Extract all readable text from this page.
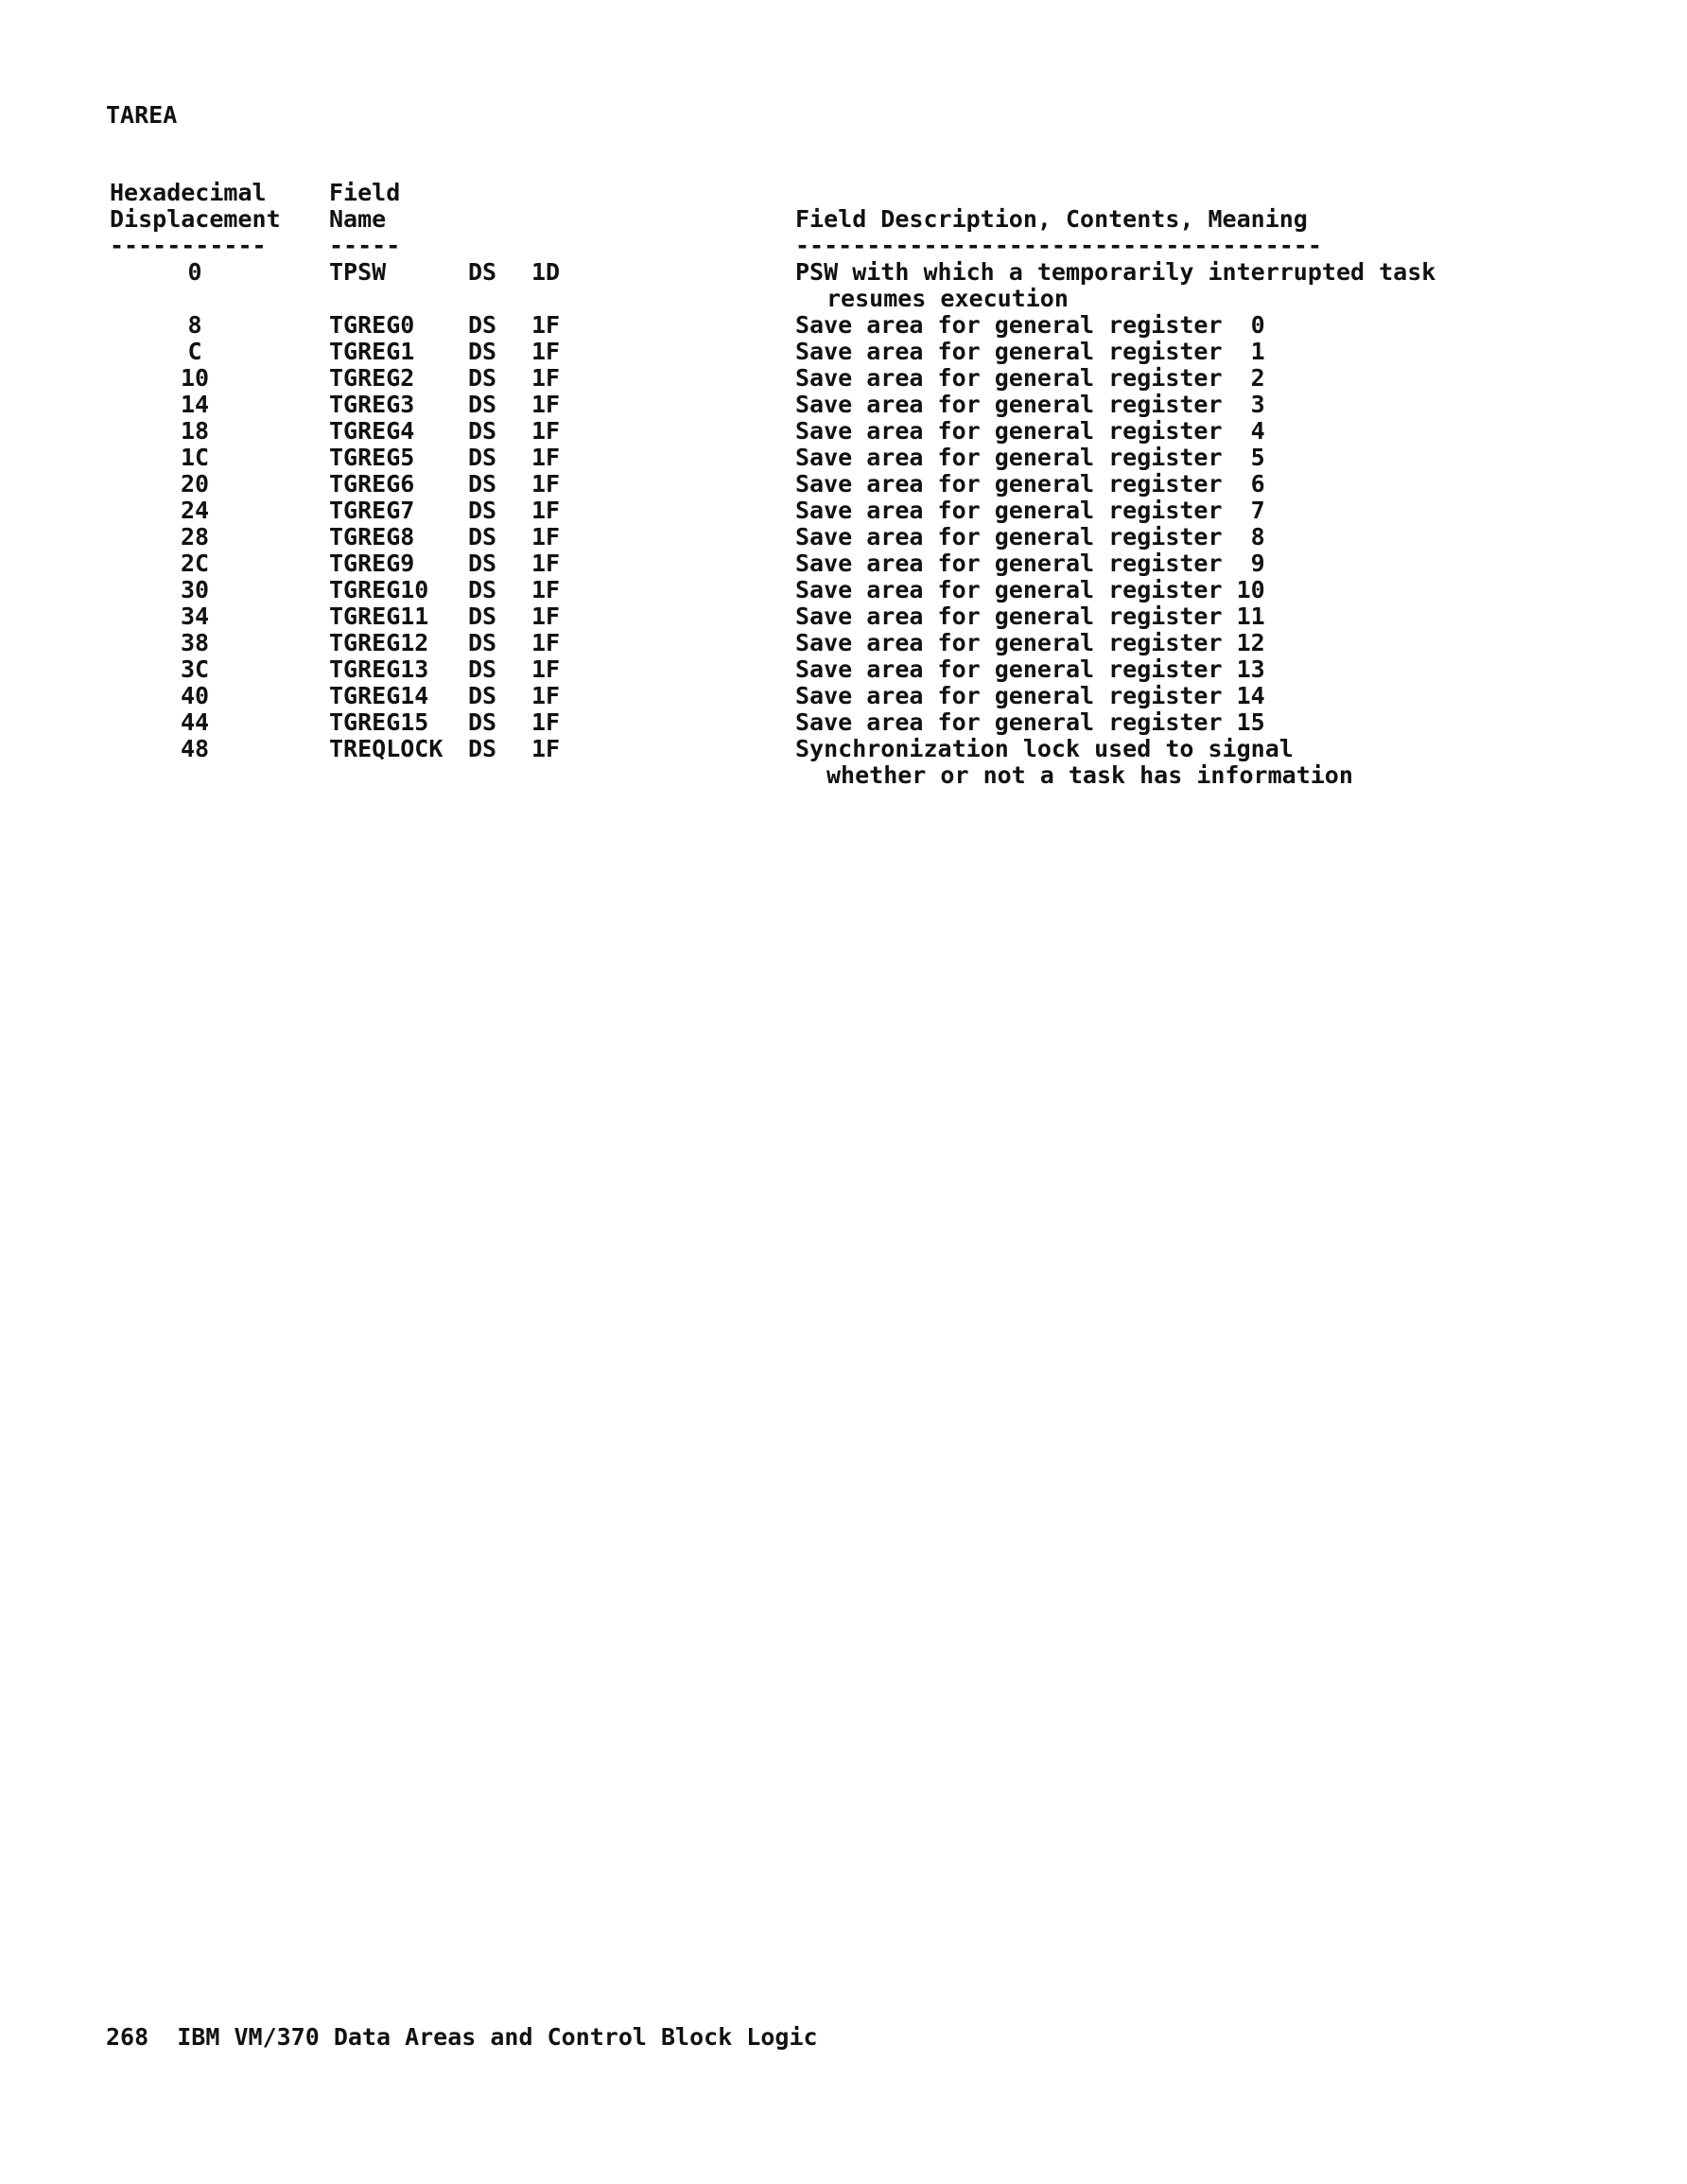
TAREA
Hexadecimal	Field
Displacement Name	Field Description, Contents, Meaning
-----------	-----	-------------------------------------
0	TPSW	DS 1D	PSW with which a temporarily interrupted task
resumes execution
8	TGREG0 DS 1F	Save area for general register  0
C	TGREG1 DS 1F	Save area for general register  1
10	TGREG2 DS 1F	Save area for general register  2
14	TGREG3 DS 1F	Save area for general register  3
18	TGREG4 DS 1F	Save area for general register  4
1C	TGREG5 DS 1F	Save area for general register  5
20	TGREG6 DS 1F	Save area for general register  6
24	TGREG7 DS 1F	Save area for general register  7
28	TGREG8 DS 1F	Save area for general register  8
2C	TGREG9 DS 1F	Save area for general register  9
30	TGREG10 DS 1F	Save area for general register 10
34	TGREG11 DS 1F	Save area for general register 11
38	TGREG12 DS 1F	Save area for general register 12
3C	TGREG13 DS 1F	Save area for general register 13
40	TGREG14 DS 1F	Save area for general register 14
44	TGREG15 DS 1F	Save area for general register 15
48	TREQLOCK DS 1F	Synchronization lock used to signal
whether or not a task has information
268  IBM VM/370 Data Areas and Control Block Logic
